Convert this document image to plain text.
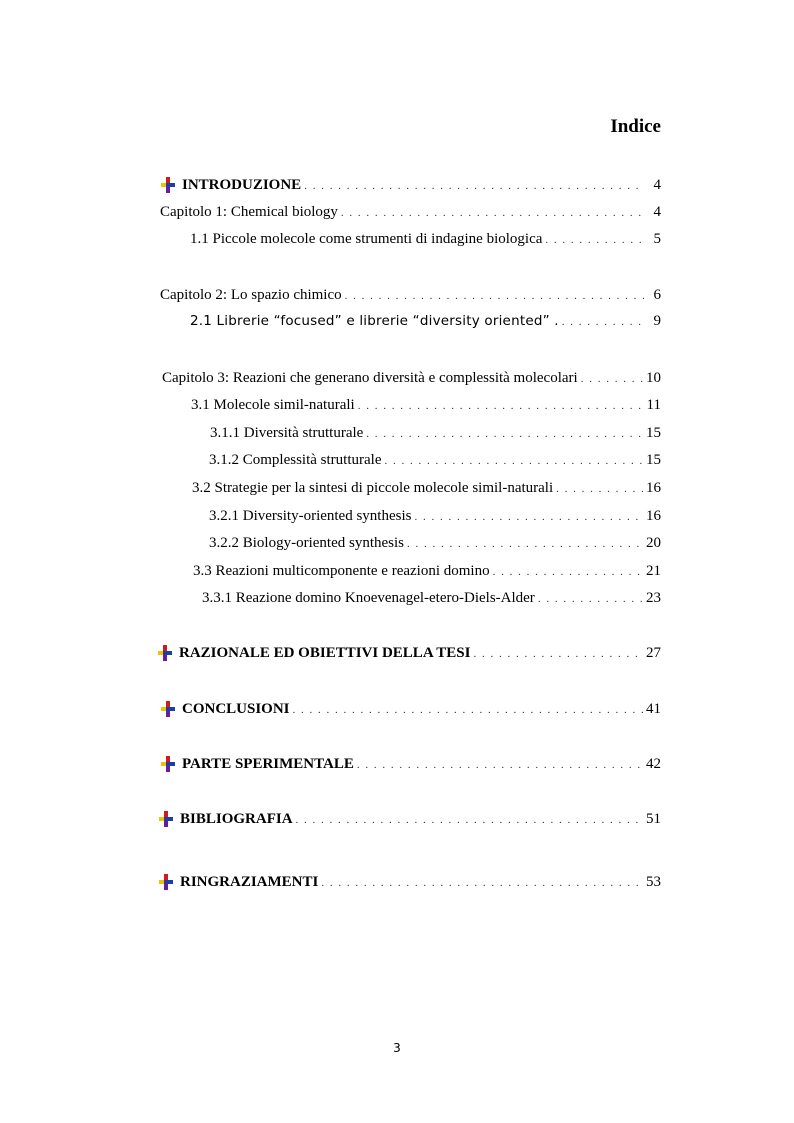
Indice
INTRODUZIONE . . .	4
Capitolo 1: Chemical biology . . .	4
1.1 Piccole molecole come strumenti di indagine biologica . . .	5
Capitolo 2: Lo spazio chimico . . .	6
2.1 Librerie “focused” e librerie “diversity oriented” . . . .	9
Capitolo 3: Reazioni che generano diversità e complessità molecolari . . .	10
3.1 Molecole simil-naturali . . .	11
3.1.1 Diversità strutturale . . .	15
3.1.2 Complessità strutturale . . .	15
3.2 Strategie per la sintesi di piccole molecole simil-naturali . . .	16
3.2.1 Diversity-oriented synthesis . . .	16
3.2.2 Biology-oriented synthesis . . .	20
3.3 Reazioni multicomponente e reazioni domino . . .	21
3.3.1 Reazione domino Knoevenagel-etero-Diels-Alder . . .	23
RAZIONALE ED OBIETTIVI DELLA TESI . . .	27
CONCLUSIONI . . .	41
PARTE SPERIMENTALE . . .	42
BIBLIOGRAFIA . . .	51
RINGRAZIAMENTI . . .	53

3
